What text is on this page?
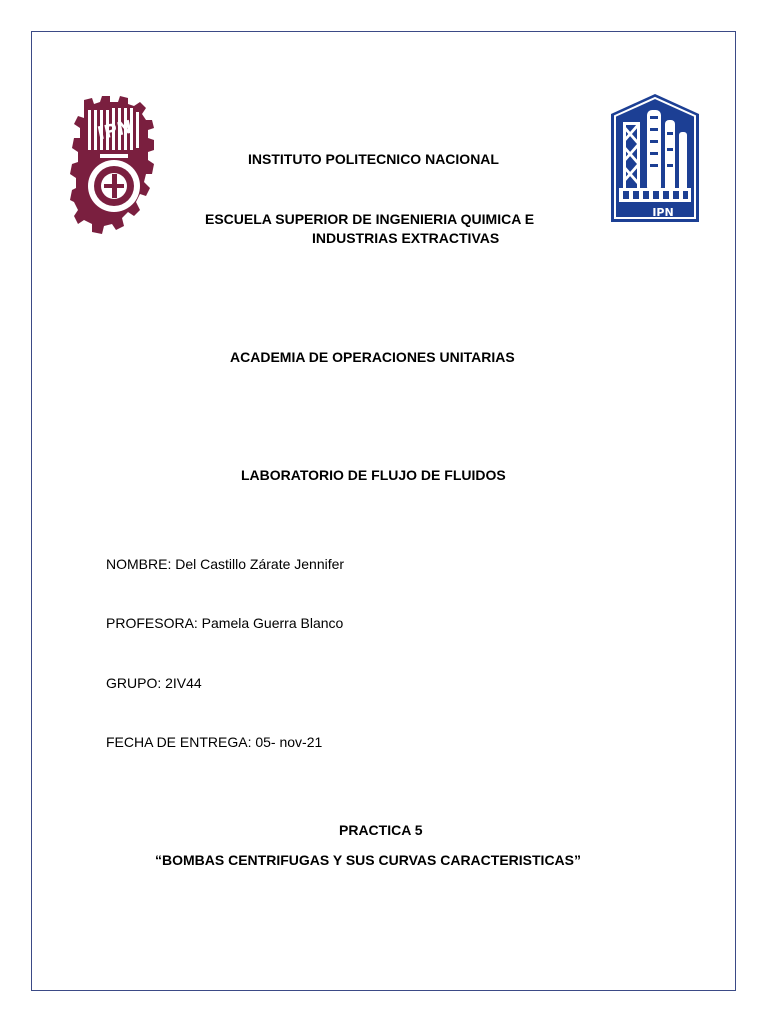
IPN
IPN
INSTITUTO POLITECNICO NACIONAL
ESCUELA SUPERIOR DE INGENIERIA QUIMICA E
INDUSTRIAS EXTRACTIVAS
ACADEMIA DE OPERACIONES UNITARIAS
LABORATORIO DE FLUJO DE FLUIDOS
NOMBRE: Del Castillo Zárate Jennifer
PROFESORA: Pamela Guerra Blanco
GRUPO: 2IV44
FECHA DE ENTREGA: 05- nov-21
PRACTICA 5
“BOMBAS CENTRIFUGAS Y SUS CURVAS CARACTERISTICAS”
